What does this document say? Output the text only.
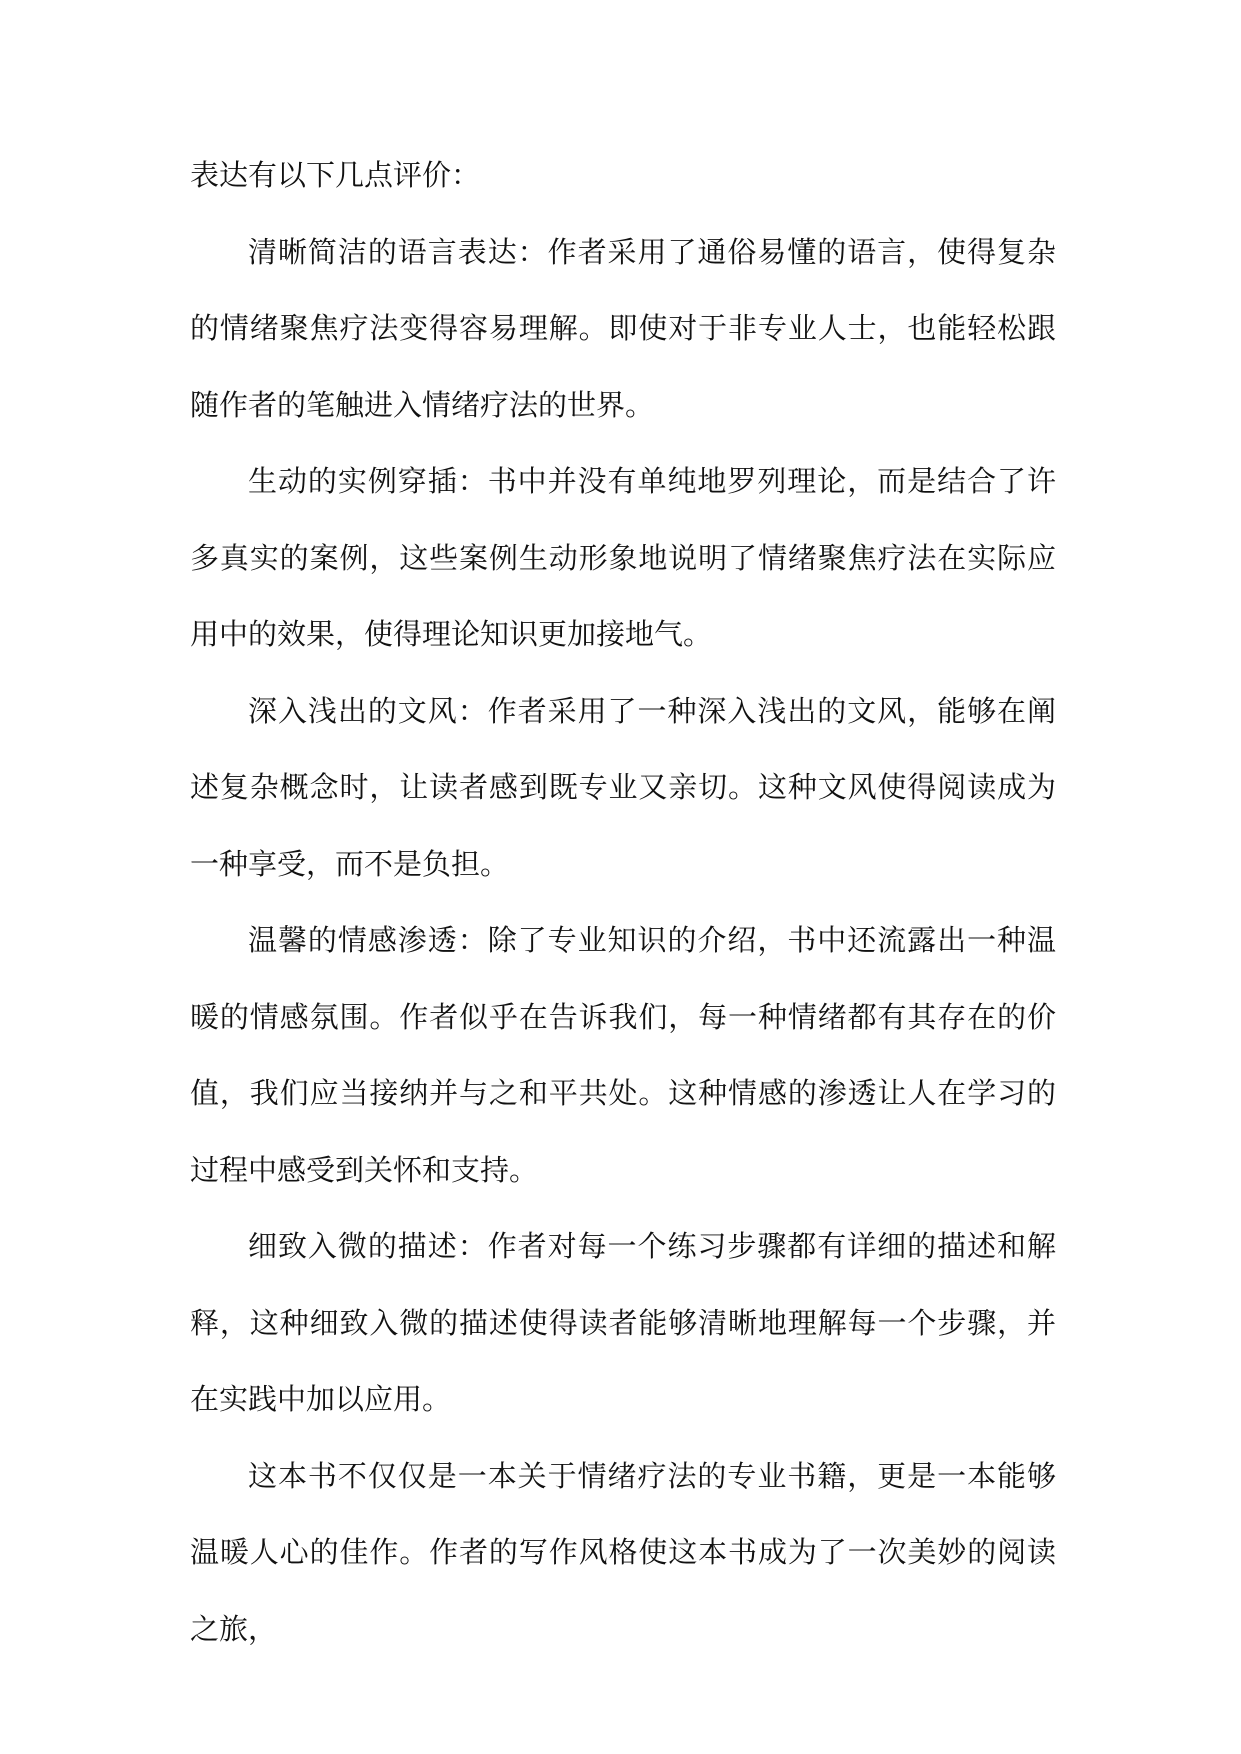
表达有以下几点评价：

清晰简洁的语言表达：作者采用了通俗易懂的语言，使得复杂的情绪聚焦疗法变得容易理解。即使对于非专业人士，也能轻松跟随作者的笔触进入情绪疗法的世界。

生动的实例穿插：书中并没有单纯地罗列理论，而是结合了许多真实的案例，这些案例生动形象地说明了情绪聚焦疗法在实际应用中的效果，使得理论知识更加接地气。

深入浅出的文风：作者采用了一种深入浅出的文风，能够在阐述复杂概念时，让读者感到既专业又亲切。这种文风使得阅读成为一种享受，而不是负担。

温馨的情感渗透：除了专业知识的介绍，书中还流露出一种温暖的情感氛围。作者似乎在告诉我们，每一种情绪都有其存在的价值，我们应当接纳并与之和平共处。这种情感的渗透让人在学习的过程中感受到关怀和支持。

细致入微的描述：作者对每一个练习步骤都有详细的描述和解释，这种细致入微的描述使得读者能够清晰地理解每一个步骤，并在实践中加以应用。

这本书不仅仅是一本关于情绪疗法的专业书籍，更是一本能够温暖人心的佳作。作者的写作风格使这本书成为了一次美妙的阅读之旅，
